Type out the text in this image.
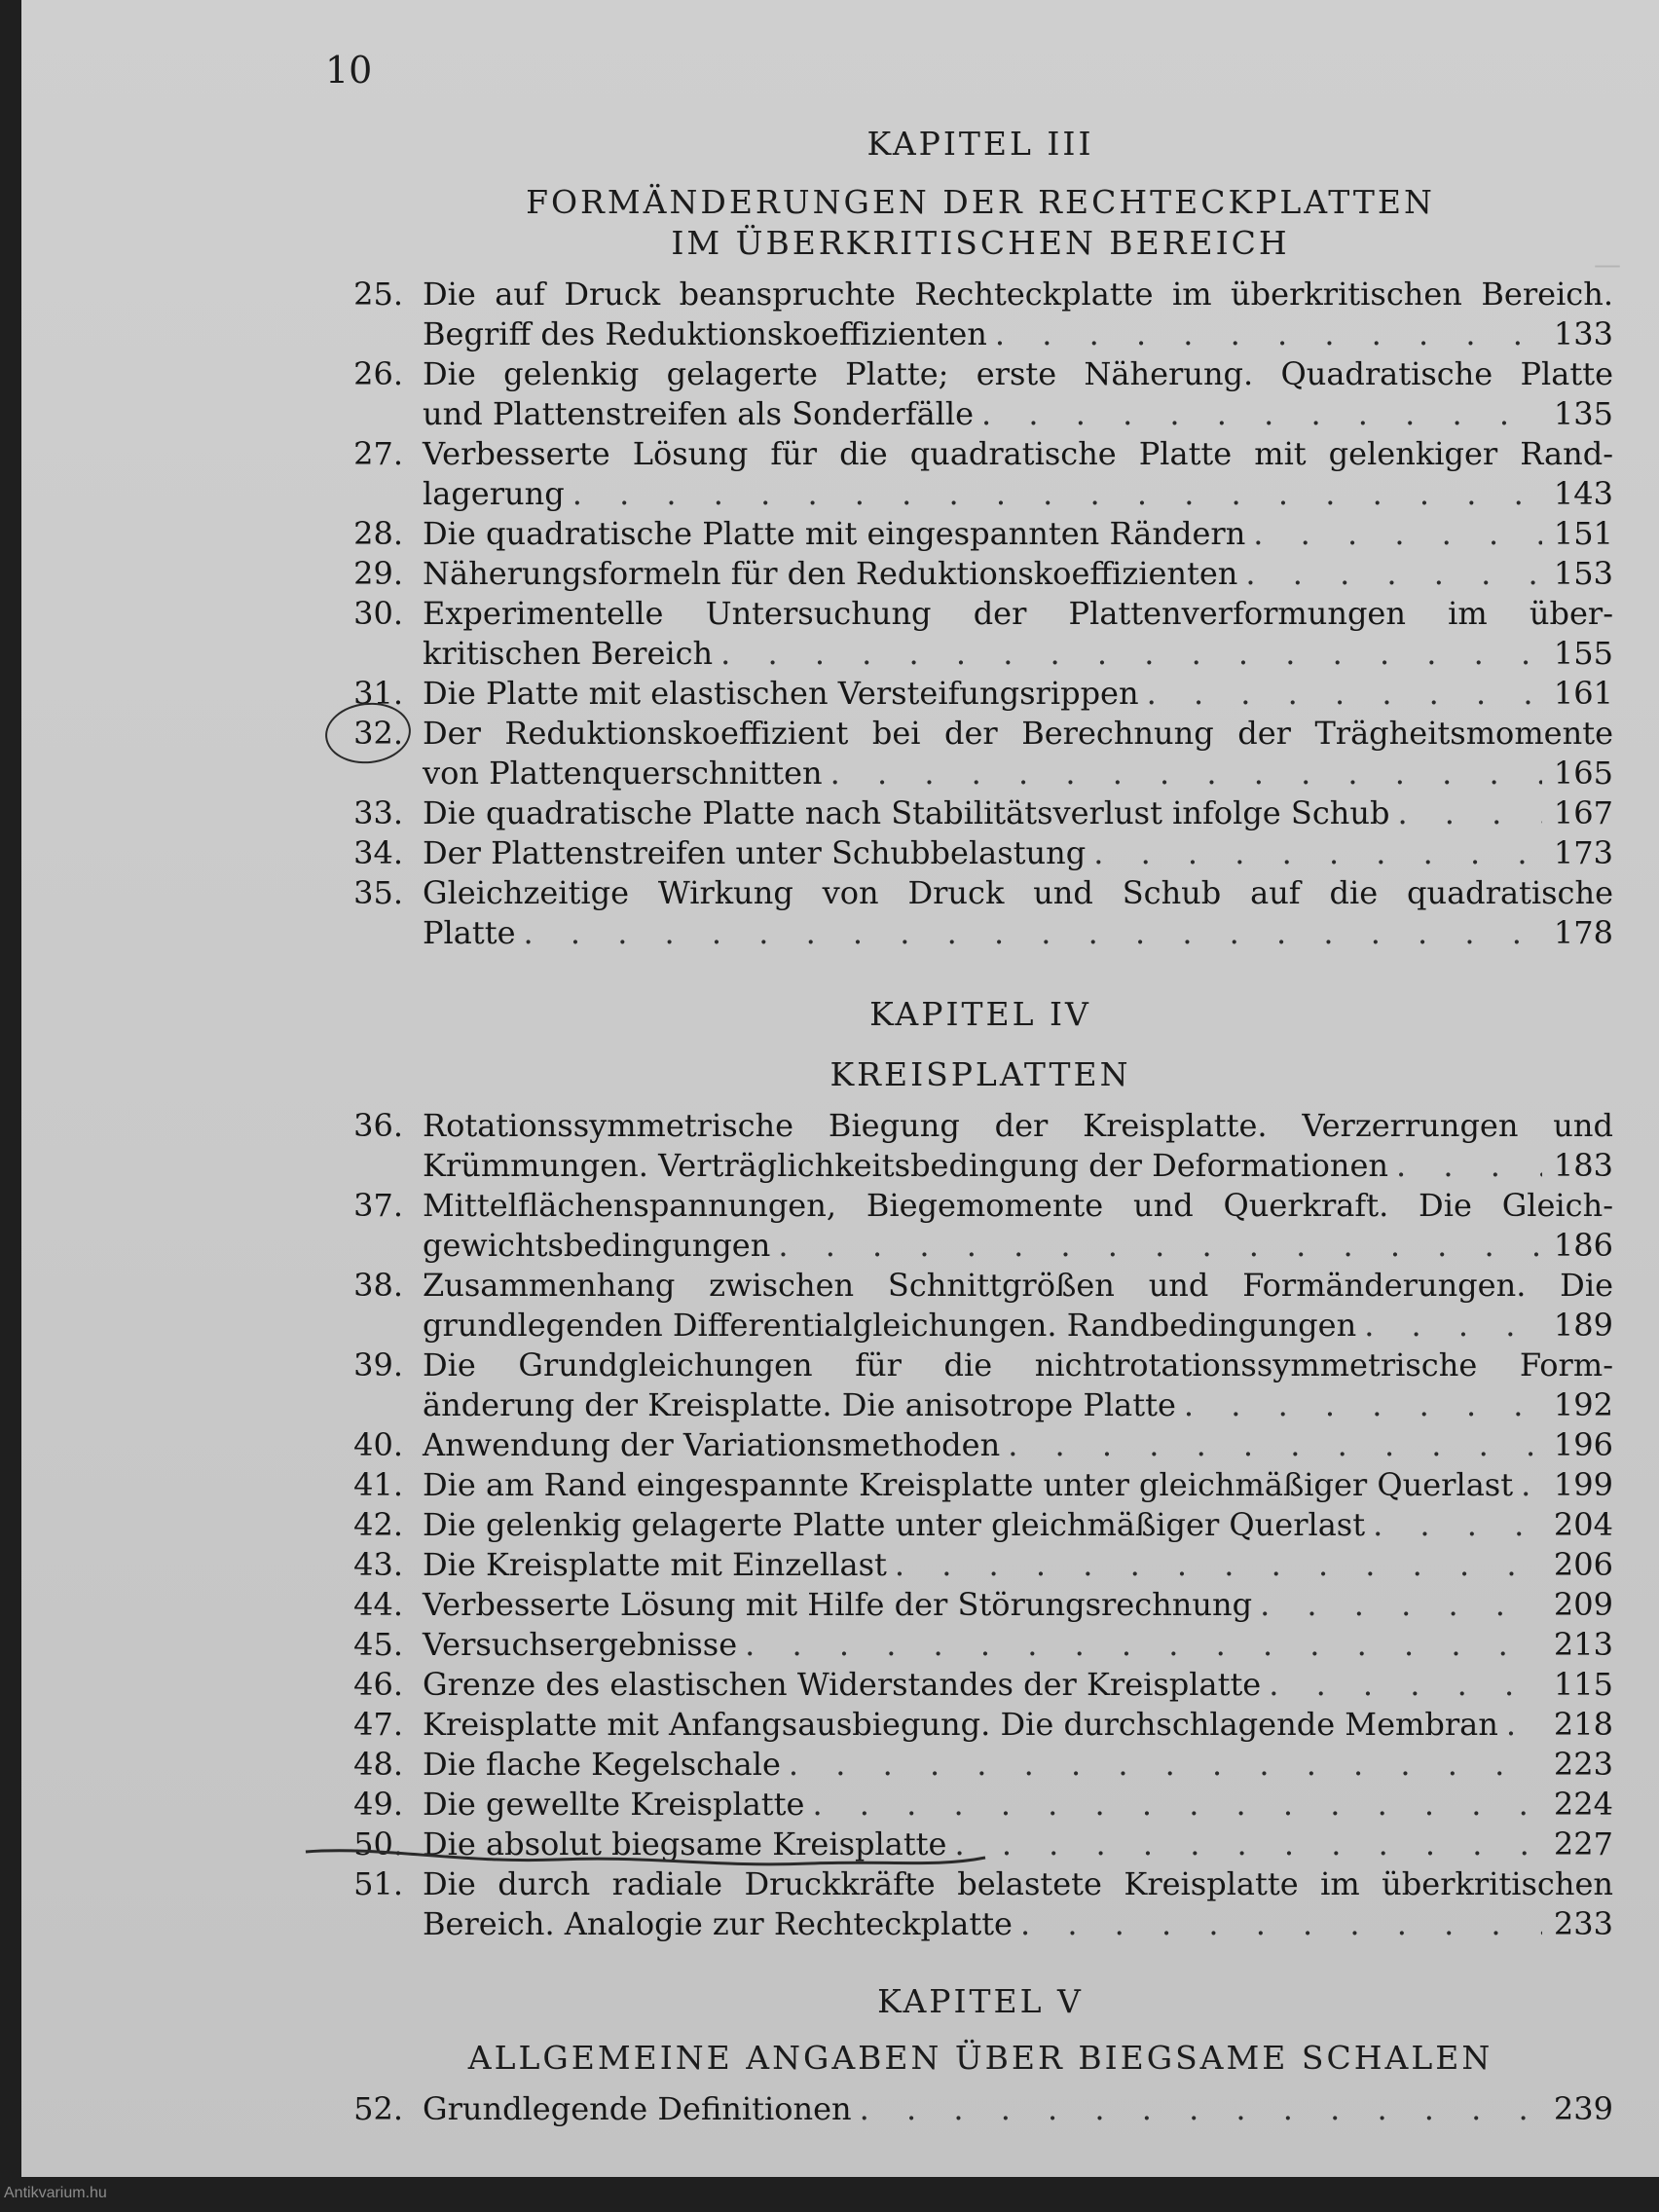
10
KAPITEL III
FORMÄNDERUNGEN DER RECHTECKPLATTEN
IM ÜBERKRITISCHEN BEREICH
25. Die auf Druck beanspruchte Rechteckplatte im überkritischen Bereich.
Begriff des Reduktionskoeffizienten . . .	133
26. Die gelenkig gelagerte Platte; erste Näherung. Quadratische Platte
und Plattenstreifen als Sonderfälle . . .	135
27. Verbesserte Lösung für die quadratische Platte mit gelenkiger Rand-
lagerung . . .	143
28. Die quadratische Platte mit eingespannten Rändern . . .	151
29. Näherungsformeln für den Reduktionskoeffizienten . . .	153
30. Experimentelle Untersuchung der Plattenverformungen im über-
kritischen Bereich . . .	155
31. Die Platte mit elastischen Versteifungsrippen . . .	161
32. Der Reduktionskoeffizient bei der Berechnung der Trägheitsmomente
von Plattenquerschnitten . . .	165
33. Die quadratische Platte nach Stabilitätsverlust infolge Schub . . .	167
34. Der Plattenstreifen unter Schubbelastung . . .	173
35. Gleichzeitige Wirkung von Druck und Schub auf die quadratische
Platte . . .	178
KAPITEL IV
KREISPLATTEN
36. Rotationssymmetrische Biegung der Kreisplatte. Verzerrungen und
Krümmungen. Verträglichkeitsbedingung der Deformationen . . .	183
37. Mittelflächenspannungen, Biegemomente und Querkraft. Die Gleich-
gewichtsbedingungen . . .	186
38. Zusammenhang zwischen Schnittgrößen und Formänderungen. Die
grundlegenden Differentialgleichungen. Randbedingungen . . .	189
39. Die Grundgleichungen für die nichtrotationssymmetrische Form-
änderung der Kreisplatte. Die anisotrope Platte . . .	192
40. Anwendung der Variationsmethoden . . .	196
41. Die am Rand eingespannte Kreisplatte unter gleichmäßiger Querlast . . . 199
42. Die gelenkig gelagerte Platte unter gleichmäßiger Querlast . . .	204
43. Die Kreisplatte mit Einzellast . . .	206
44. Verbesserte Lösung mit Hilfe der Störungsrechnung . . .	209
45. Versuchsergebnisse . . .	213
46. Grenze des elastischen Widerstandes der Kreisplatte . . .	115
47. Kreisplatte mit Anfangsausbiegung. Die durchschlagende Membran . . . 218
48. Die flache Kegelschale . . .	223
49. Die gewellte Kreisplatte . . .	224
50. Die absolut biegsame Kreisplatte . . .	227
51. Die durch radiale Druckkräfte belastete Kreisplatte im überkritischen
Bereich. Analogie zur Rechteckplatte . . .	233
KAPITEL V
ALLGEMEINE ANGABEN ÜBER BIEGSAME SCHALEN
52. Grundlegende Definitionen . . .	239
—
Antikvarium.hu
